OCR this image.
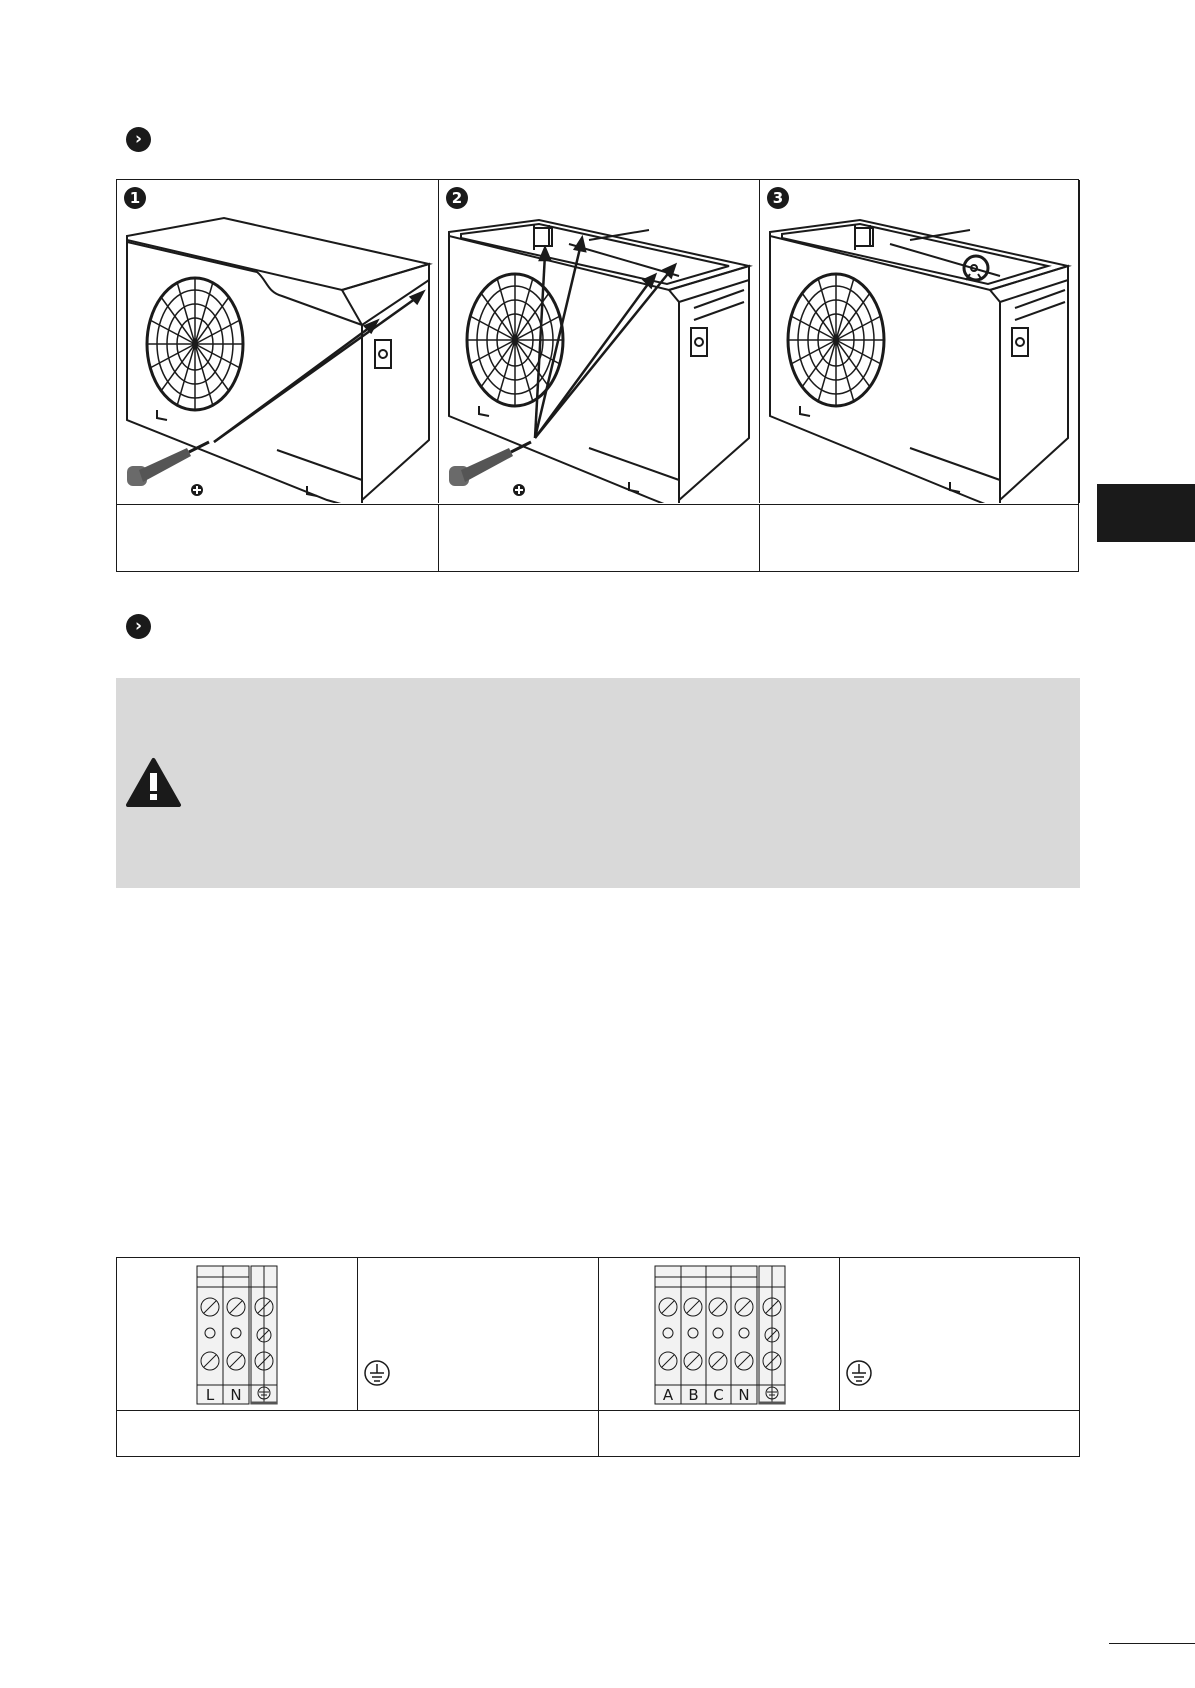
›
1	2	3
›
L	N	A	B C N
